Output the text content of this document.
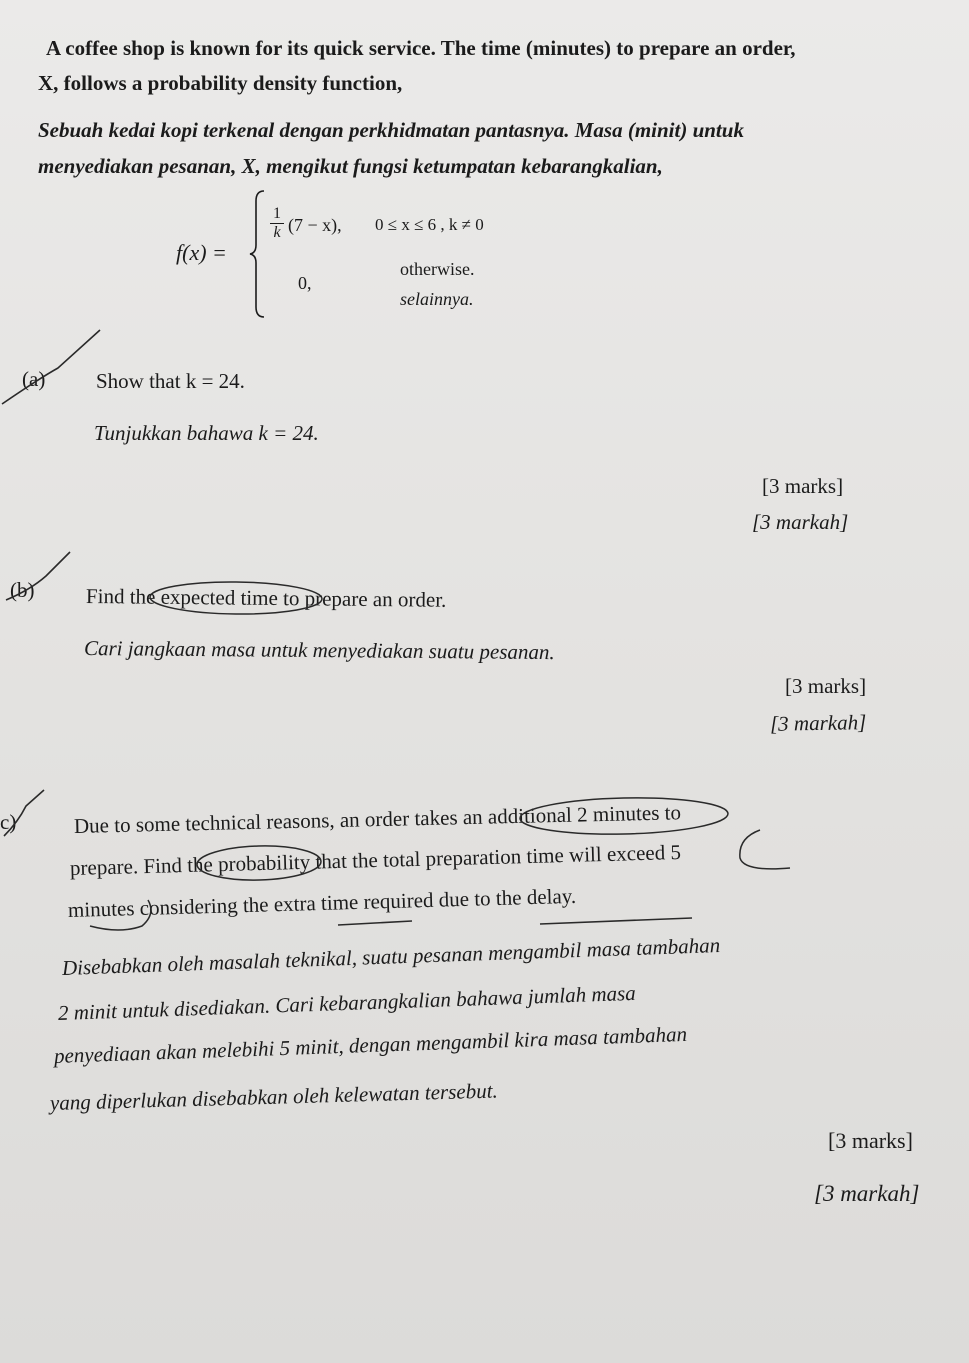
A coffee shop is known for its quick service. The time (minutes) to prepare an order,
X, follows a probability density function,
Sebuah kedai kopi terkenal dengan perkhidmatan pantasnya. Masa (minit) untuk
menyediakan pesanan, X, mengikut fungsi ketumpatan kebarangkalian,
f(x) =
1
k (7 − x), 0 ≤ x ≤ 6 , k ≠ 0
0,
otherwise.
selainnya.
(a) Show that k = 24.
Tunjukkan bahawa k = 24.
[3 marks]
[3 markah]
(b) Find the expected time to prepare an order.
Cari jangkaan masa untuk menyediakan suatu pesanan.
[3 marks]
[3 markah]
c)	Due to some technical reasons, an order takes an additional 2 minutes to
prepare. Find the probability that the total preparation time will exceed 5
minutes considering the extra time required due to the delay.
Disebabkan oleh masalah teknikal, suatu pesanan mengambil masa tambahan
2 minit untuk disediakan. Cari kebarangkalian bahawa jumlah masa
penyediaan akan melebihi 5 minit, dengan mengambil kira masa tambahan
yang diperlukan disebabkan oleh kelewatan tersebut.
[3 marks]
[3 markah]
